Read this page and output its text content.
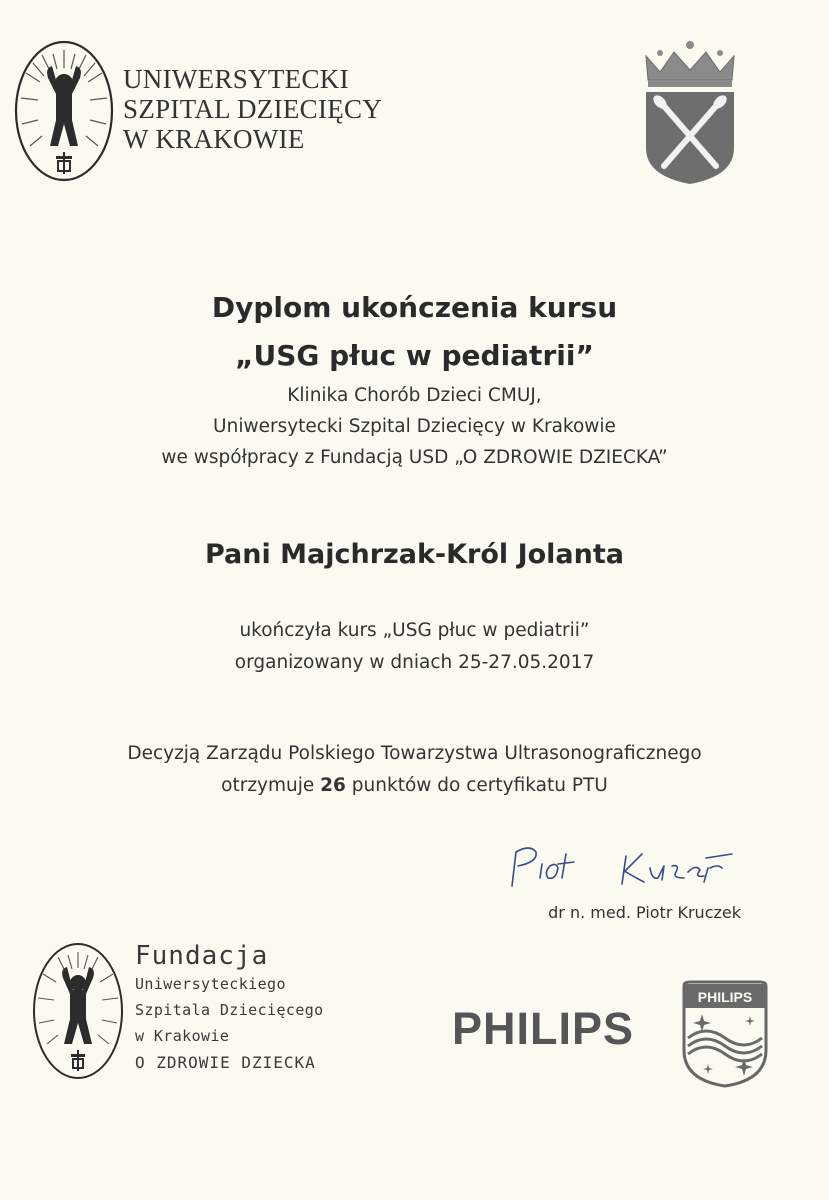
UNIWERSYTECKI
SZPITAL DZIECIĘCY
W KRAKOWIE
Dyplom ukończenia kursu
„USG płuc w pediatrii”
Klinika Chorób Dzieci CMUJ,
Uniwersytecki Szpital Dziecięcy w Krakowie
we współpracy z Fundacją USD „O ZDROWIE DZIECKA”
Pani Majchrzak-Król Jolanta
ukończyła kurs „USG płuc w pediatrii”
organizowany w dniach 25-27.05.2017
Decyzją Zarządu Polskiego Towarzystwa Ultrasonograficznego
otrzymuje 26 punktów do certyfikatu PTU
dr n. med. Piotr Kruczek
Fundacja
Uniwersyteckiego
Szpitala Dziecięcego
w Krakowie
O ZDROWIE DZIECKA
PHILIPS
PHILIPS
